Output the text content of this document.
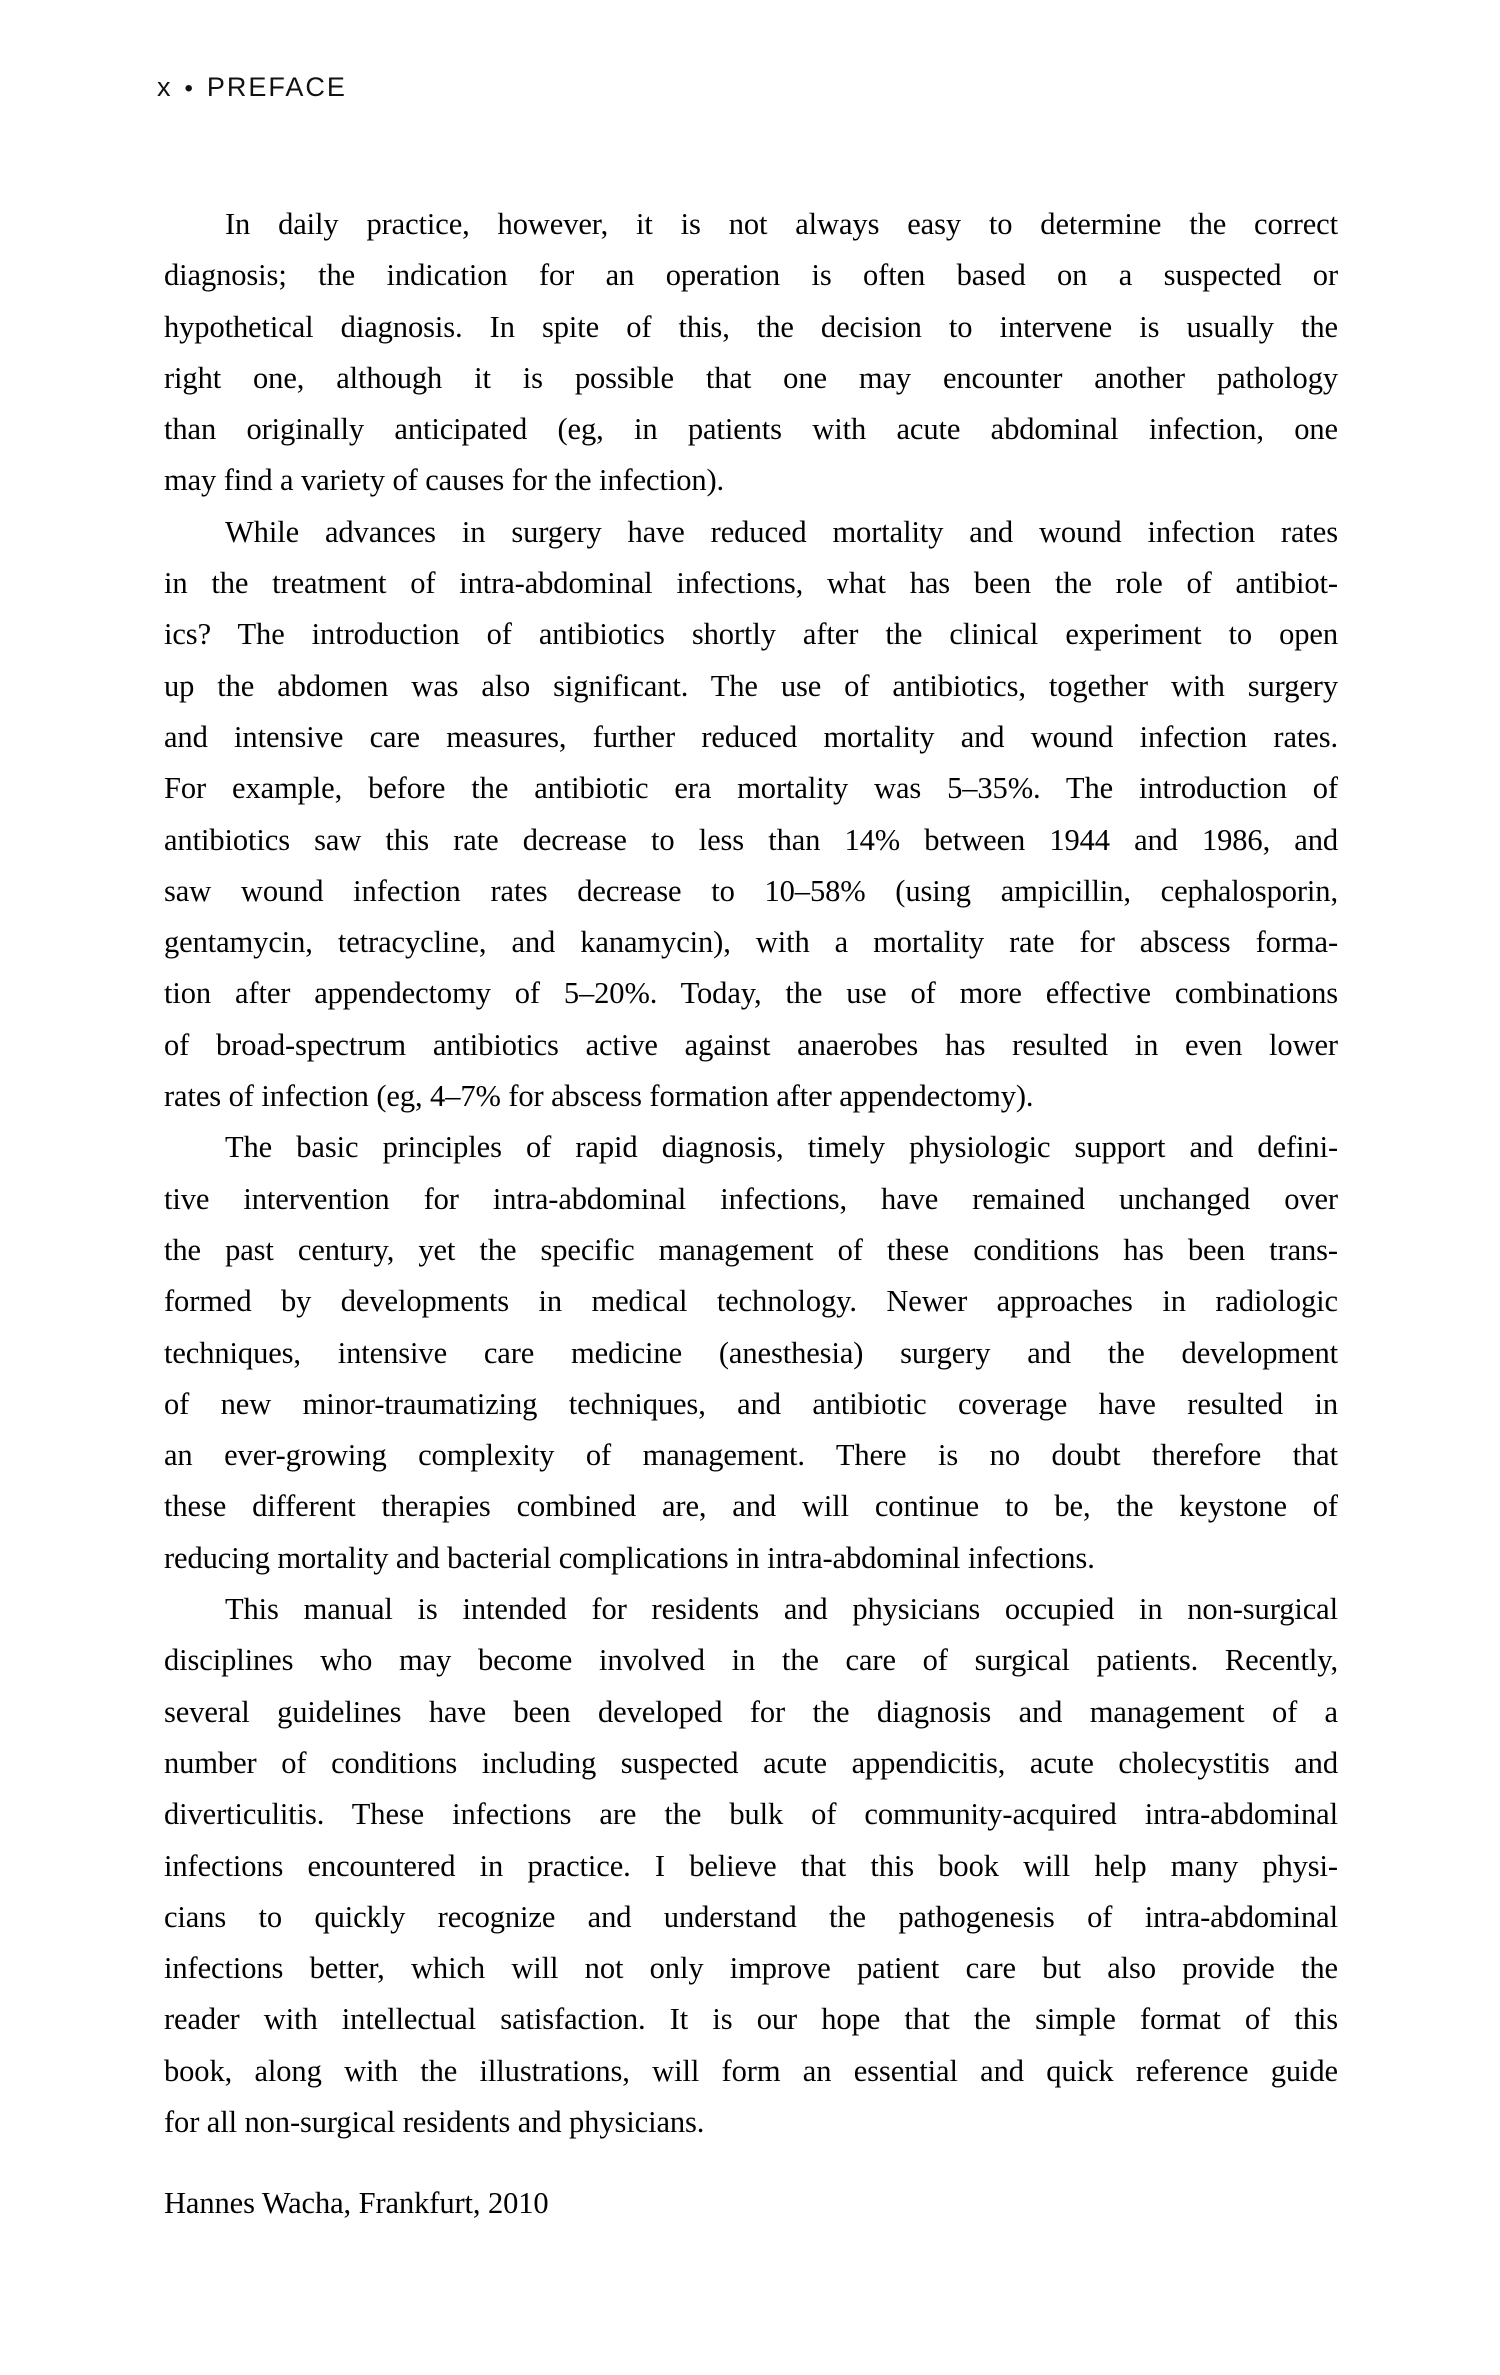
x • PREFACE
In daily practice, however, it is not always easy to determine the correct
diagnosis; the indication for an operation is often based on a suspected or
hypothetical diagnosis. In spite of this, the decision to intervene is usually the
right one, although it is possible that one may encounter another pathology
than originally anticipated (eg, in patients with acute abdominal infection, one
may find a variety of causes for the infection).
While advances in surgery have reduced mortality and wound infection rates
in the treatment of intra-abdominal infections, what has been the role of antibiot-
ics? The introduction of antibiotics shortly after the clinical experiment to open
up the abdomen was also significant. The use of antibiotics, together with surgery
and intensive care measures, further reduced mortality and wound infection rates.
For example, before the antibiotic era mortality was 5–35%. The introduction of
antibiotics saw this rate decrease to less than 14% between 1944 and 1986, and
saw wound infection rates decrease to 10–58% (using ampicillin, cephalosporin,
gentamycin, tetracycline, and kanamycin), with a mortality rate for abscess forma-
tion after appendectomy of 5–20%. Today, the use of more effective combinations
of broad-spectrum antibiotics active against anaerobes has resulted in even lower
rates of infection (eg, 4–7% for abscess formation after appendectomy).
The basic principles of rapid diagnosis, timely physiologic support and defini-
tive intervention for intra-abdominal infections, have remained unchanged over
the past century, yet the specific management of these conditions has been trans-
formed by developments in medical technology. Newer approaches in radiologic
techniques, intensive care medicine (anesthesia) surgery and the development
of new minor-traumatizing techniques, and antibiotic coverage have resulted in
an ever-growing complexity of management. There is no doubt therefore that
these different therapies combined are, and will continue to be, the keystone of
reducing mortality and bacterial complications in intra-abdominal infections.
This manual is intended for residents and physicians occupied in non-surgical
disciplines who may become involved in the care of surgical patients. Recently,
several guidelines have been developed for the diagnosis and management of a
number of conditions including suspected acute appendicitis, acute cholecystitis and
diverticulitis. These infections are the bulk of community-acquired intra-abdominal
infections encountered in practice. I believe that this book will help many physi-
cians to quickly recognize and understand the pathogenesis of intra-abdominal
infections better, which will not only improve patient care but also provide the
reader with intellectual satisfaction. It is our hope that the simple format of this
book, along with the illustrations, will form an essential and quick reference guide
for all non-surgical residents and physicians.
Hannes Wacha, Frankfurt, 2010
